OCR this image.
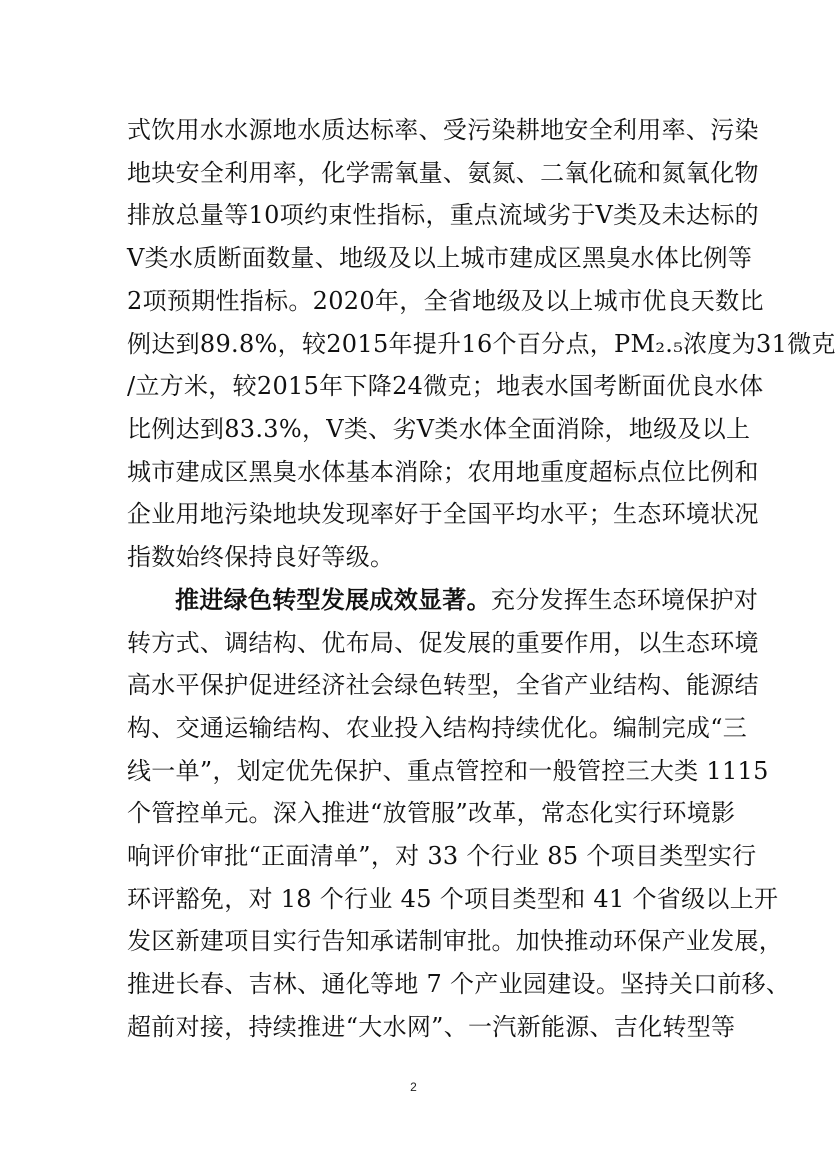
式饮用水水源地水质达标率、受污染耕地安全利用率、污染
地块安全利用率，化学需氧量、氨氮、二氧化硫和氮氧化物
排放总量等10项约束性指标，重点流域劣于Ⅴ类及未达标的
Ⅴ类水质断面数量、地级及以上城市建成区黑臭水体比例等
2项预期性指标。2020年，全省地级及以上城市优良天数比
例达到89.8%，较2015年提升16个百分点，PM₂.₅浓度为31微克
/立方米，较2015年下降24微克；地表水国考断面优良水体
比例达到83.3%，Ⅴ类、劣Ⅴ类水体全面消除，地级及以上
城市建成区黑臭水体基本消除；农用地重度超标点位比例和
企业用地污染地块发现率好于全国平均水平；生态环境状况
指数始终保持良好等级。
推进绿色转型发展成效显著。充分发挥生态环境保护对
转方式、调结构、优布局、促发展的重要作用，以生态环境
高水平保护促进经济社会绿色转型，全省产业结构、能源结
构、交通运输结构、农业投入结构持续优化。编制完成“三
线一单”，划定优先保护、重点管控和一般管控三大类 1115
个管控单元。深入推进“放管服”改革，常态化实行环境影
响评价审批“正面清单”，对 33 个行业 85 个项目类型实行
环评豁免，对 18 个行业 45 个项目类型和 41 个省级以上开
发区新建项目实行告知承诺制审批。加快推动环保产业发展，
推进长春、吉林、通化等地 7 个产业园建设。坚持关口前移、
超前对接，持续推进“大水网”、一汽新能源、吉化转型等
2
